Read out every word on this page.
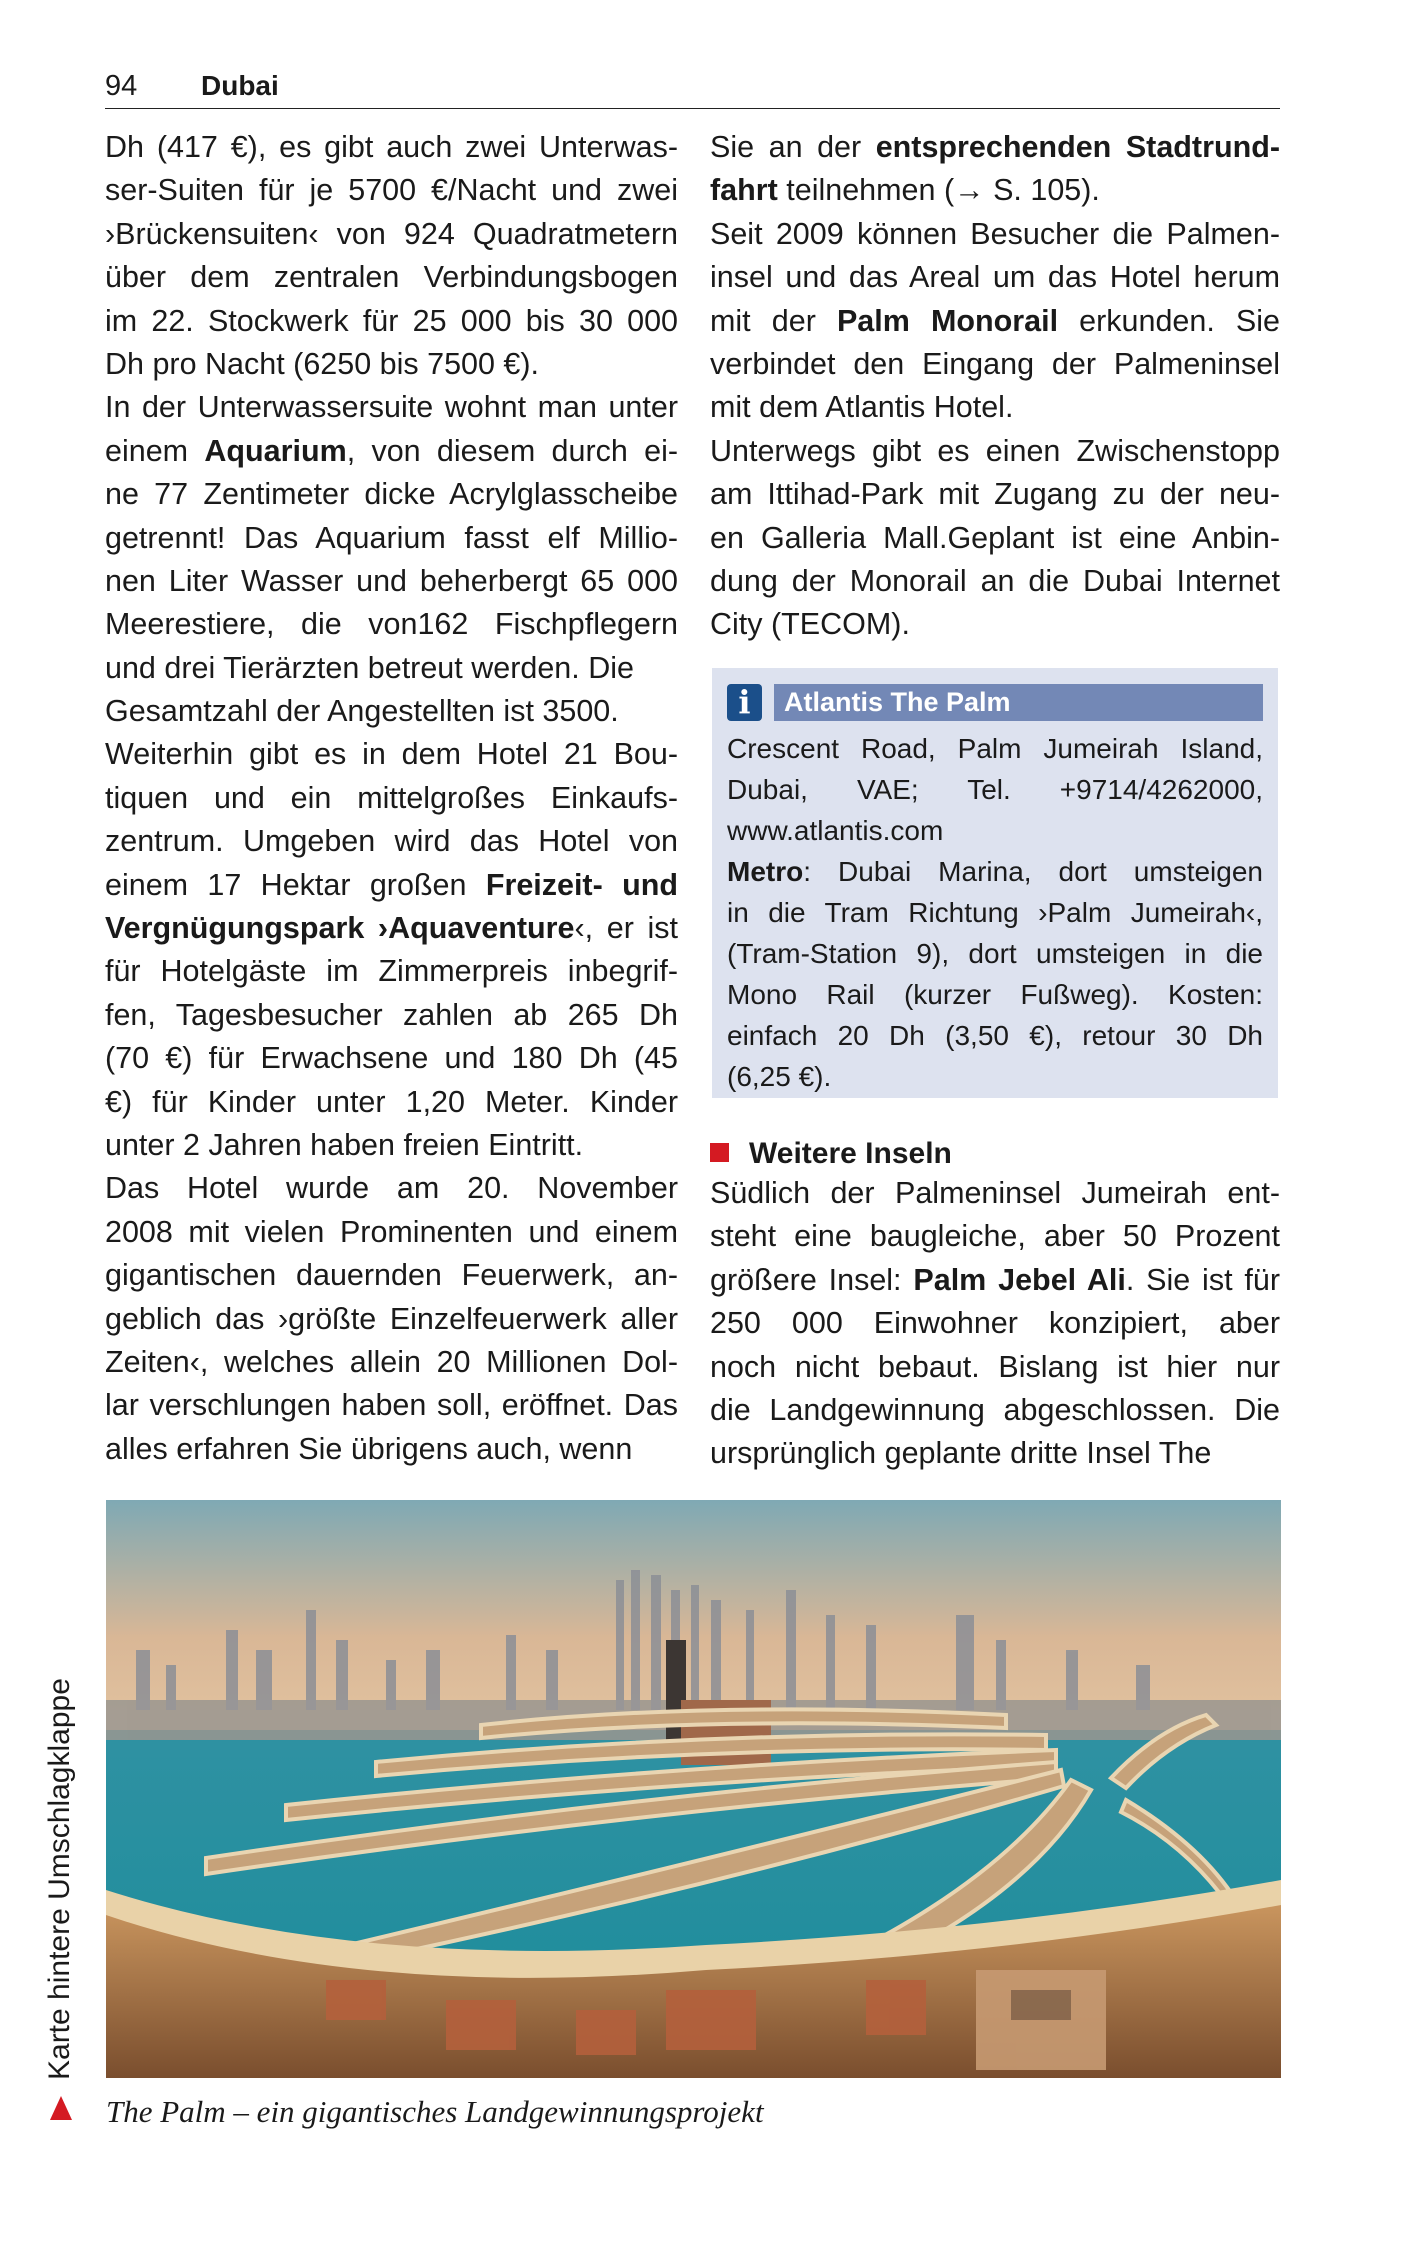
94 Dubai
Dh (417 €), es gibt auch zwei Unterwas-
ser-Suiten für je 5700 €/Nacht und zwei
›Brückensuiten‹ von 924 Quadratmetern
über dem zentralen Verbindungsbogen
im 22. Stockwerk für 25 000 bis 30 000
Dh pro Nacht (6250 bis 7500 €).
In der Unterwassersuite wohnt man unter
einem Aquarium, von diesem durch ei-
ne 77 Zentimeter dicke Acrylglasscheibe
getrennt! Das Aquarium fasst elf Millio-
nen Liter Wasser und beherbergt 65 000
Meerestiere, die von162 Fischpflegern
und drei Tierärzten betreut werden. Die
Gesamtzahl der Angestellten ist 3500.
Weiterhin gibt es in dem Hotel 21 Bou-
tiquen und ein mittelgroßes Einkaufs-
zentrum. Umgeben wird das Hotel von
einem 17 Hektar großen Freizeit- und
Vergnügungspark ›Aquaventure‹, er ist
für Hotelgäste im Zimmerpreis inbegrif-
fen, Tagesbesucher zahlen ab 265 Dh
(70 €) für Erwachsene und 180 Dh (45
€) für Kinder unter 1,20 Meter. Kinder
unter 2 Jahren haben freien Eintritt.
Das Hotel wurde am 20. November
2008 mit vielen Prominenten und einem
gigantischen dauernden Feuerwerk, an-
geblich das ›größte Einzelfeuerwerk aller
Zeiten‹, welches allein 20 Millionen Dol-
lar verschlungen haben soll, eröffnet. Das
alles erfahren Sie übrigens auch, wenn
Sie an der entsprechenden Stadtrund-
fahrt teilnehmen (→ S. 105).
Seit 2009 können Besucher die Palmen-
insel und das Areal um das Hotel herum
mit der Palm Monorail erkunden. Sie
verbindet den Eingang der Palmeninsel
mit dem Atlantis Hotel.
Unterwegs gibt es einen Zwischenstopp
am Ittihad-Park mit Zugang zu der neu-
en Galleria Mall.Geplant ist eine Anbin-
dung der Monorail an die Dubai Internet
City (TECOM).
i	Atlantis The Palm
Crescent Road, Palm Jumeirah Island,
Dubai, VAE; Tel. +9714/4262000,
www.atlantis.com
Metro: Dubai Marina, dort umsteigen
in die Tram Richtung ›Palm Jumeirah‹,
(Tram-Station 9), dort umsteigen in die
Mono Rail (kurzer Fußweg). Kosten:
einfach 20 Dh (3,50 €), retour 30 Dh
(6,25 €).
Weitere Inseln
Südlich der Palmeninsel Jumeirah ent-
steht eine baugleiche, aber 50 Prozent
größere Insel: Palm Jebel Ali. Sie ist für
250 000 Einwohner konzipiert, aber
noch nicht bebaut. Bislang ist hier nur
die Landgewinnung abgeschlossen. Die
ursprünglich geplante dritte Insel The
Karte hintere Umschlagklappe
The Palm – ein gigantisches Landgewinnungsprojekt
